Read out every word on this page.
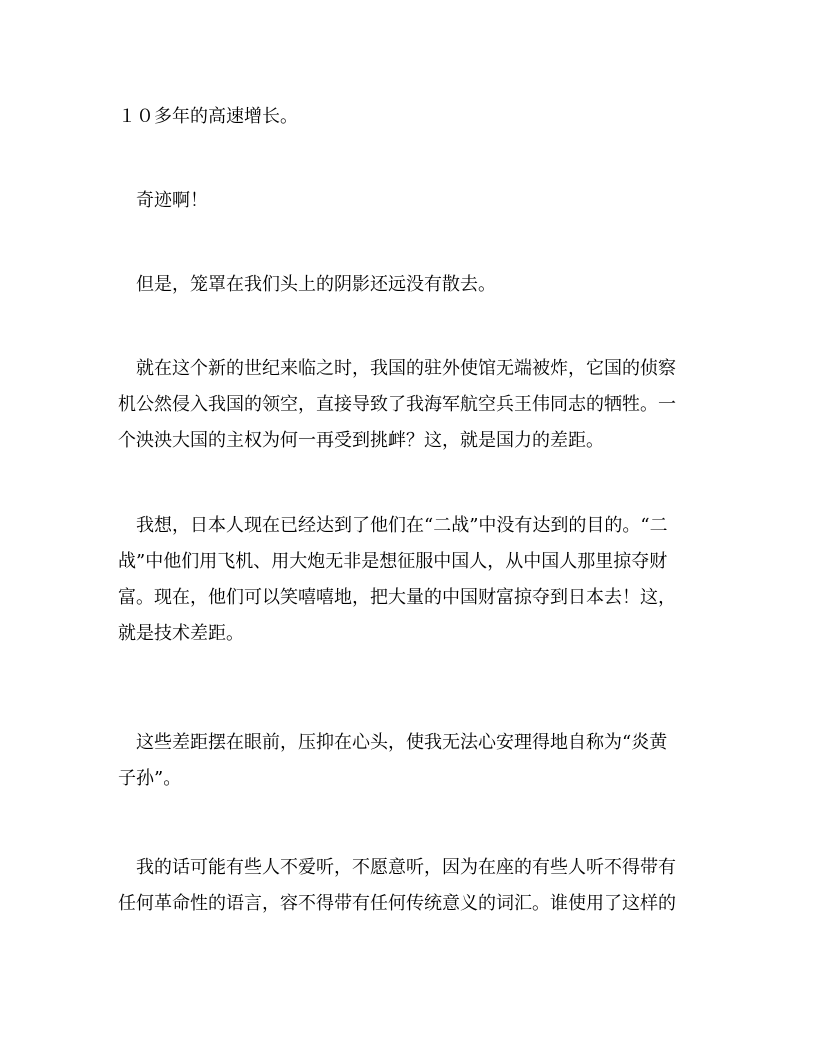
１０多年的高速增长。

　奇迹啊！

　但是，笼罩在我们头上的阴影还远没有散去。

　就在这个新的世纪来临之时，我国的驻外使馆无端被炸，它国的侦察
机公然侵入我国的领空，直接导致了我海军航空兵王伟同志的牺牲。一
个泱泱大国的主权为何一再受到挑衅？这，就是国力的差距。

　我想，日本人现在已经达到了他们在“二战”中没有达到的目的。“二
战”中他们用飞机、用大炮无非是想征服中国人，从中国人那里掠夺财
富。现在，他们可以笑嘻嘻地，把大量的中国财富掠夺到日本去！这，
就是技术差距。

　这些差距摆在眼前，压抑在心头，使我无法心安理得地自称为“炎黄
子孙”。

　我的话可能有些人不爱听，不愿意听，因为在座的有些人听不得带有
任何革命性的语言，容不得带有任何传统意义的词汇。谁使用了这样的
